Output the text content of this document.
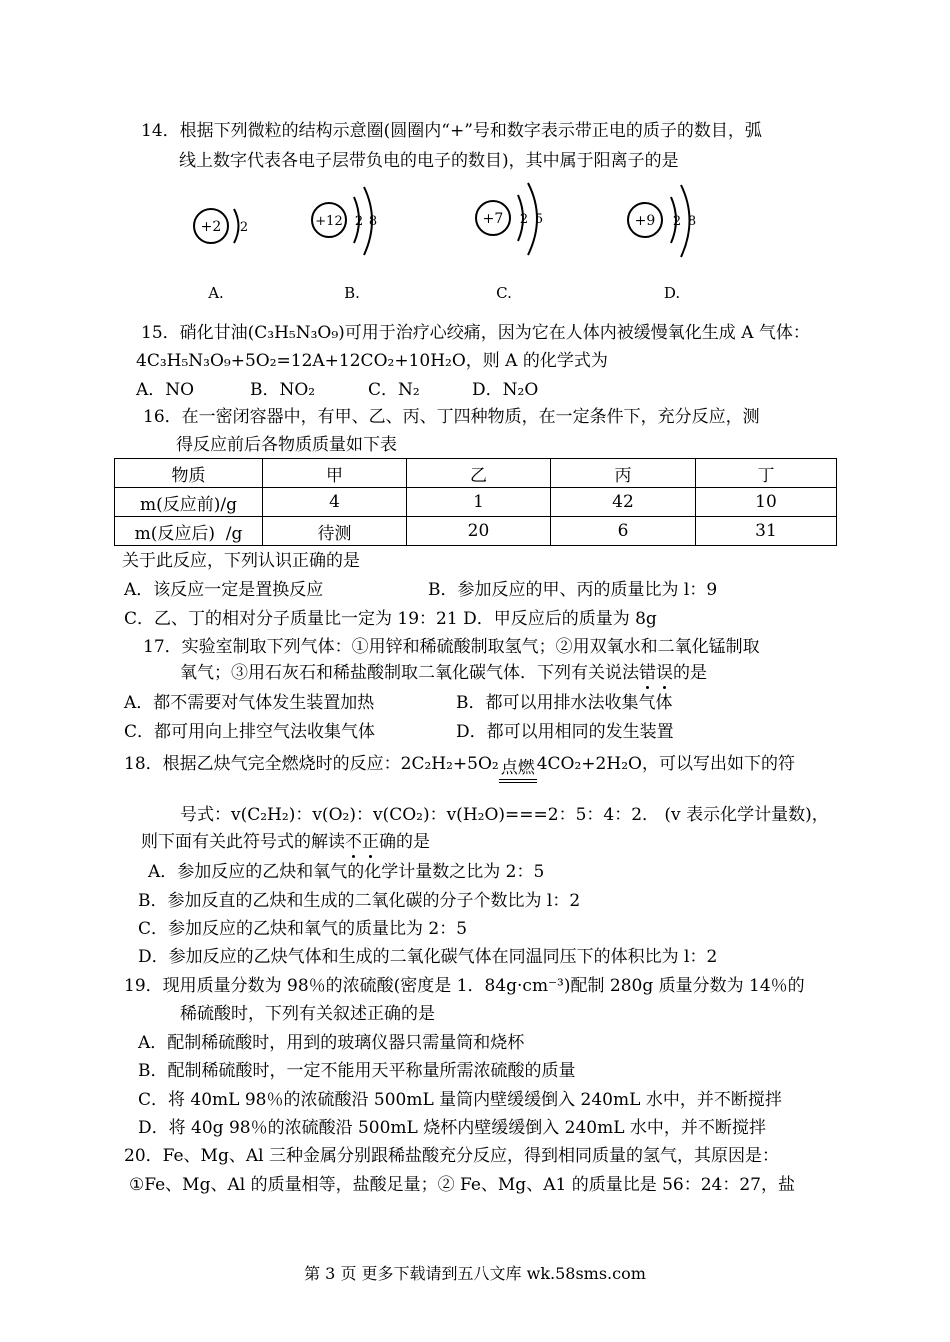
14．根据下列微粒的结构示意圈(圆圈内“+”号和数字表示带正电的质子的数目，弧
线上数字代表各电子层带负电的电子的数目)，其中属于阳离子的是
+2 2
A.
+12 2 8
B.
+7 2 5
C.
+9 2 8
D.
15．硝化甘油(C₃H₅N₃O₉)可用于治疗心绞痛，因为它在人体内被缓慢氧化生成 A 气体：
4C₃H₅N₃O₉+5O₂=12A+12CO₂+10H₂O，则 A 的化学式为
A．NO	B．NO₂	C．N₂	D．N₂O
16．在一密闭容器中，有甲、乙、丙、丁四种物质，在一定条件下，充分反应，测
得反应前后各物质质量如下表
物质	甲	乙	丙	丁
m(反应前)/g	4	1	42	10
m(反应后)  /g	待测	20	6	31
关于此反应，下列认识正确的是
A．该反应一定是置换反应	B．参加反应的甲、丙的质量比为 l：9
C．乙、丁的相对分子质量比一定为 19：21 D．甲反应后的质量为 8g
17．实验室制取下列气体：①用锌和稀硫酸制取氢气；②用双氧水和二氧化锰制取
氧气；③用石灰石和稀盐酸制取二氧化碳气体．下列有关说法错误的是
A．都不需要对气体发生装置加热	B．都可以用排水法收集气体
C．都可用向上排空气法收集气体	D．都可以用相同的发生装置
18．根据乙炔气完全燃烧时的反应：2C₂H₂+5O₂ 点燃 4CO₂+2H₂O，可以写出如下的符
号式：v(C₂H₂)：v(O₂)：v(CO₂)：v(H₂O)===2：5：4：2． (v 表示化学计量数)，
则下面有关此符号式的解读不正确的是
A．参加反应的乙炔和氧气的化学计量数之比为 2：5
B．参加反直的乙炔和生成的二氧化碳的分子个数比为 l：2
C．参加反应的乙炔和氧气的质量比为 2：5
D．参加反应的乙炔气体和生成的二氧化碳气体在同温同压下的体积比为 l：2
19．现用质量分数为 98％的浓硫酸(密度是 1．84g·cm⁻³)配制 280g 质量分数为 14％的
稀硫酸时，下列有关叙述正确的是
A．配制稀硫酸时，用到的玻璃仪器只需量筒和烧杯
B．配制稀硫酸时，一定不能用天平称量所需浓硫酸的质量
C．将 40mL 98％的浓硫酸沿 500mL 量筒内壁缓缓倒入 240mL 水中，并不断搅拌
D．将 40g 98％的浓硫酸沿 500mL 烧杯内壁缓缓倒入 240mL 水中，并不断搅拌
20．Fe、Mg、Al 三种金属分别跟稀盐酸充分反应，得到相同质量的氢气，其原因是：
①Fe、Mg、Al 的质量相等，盐酸足量；② Fe、Mg、A1 的质量比是 56：24：27，盐
第 3 页 更多下载请到五八文库 wk.58sms.com
